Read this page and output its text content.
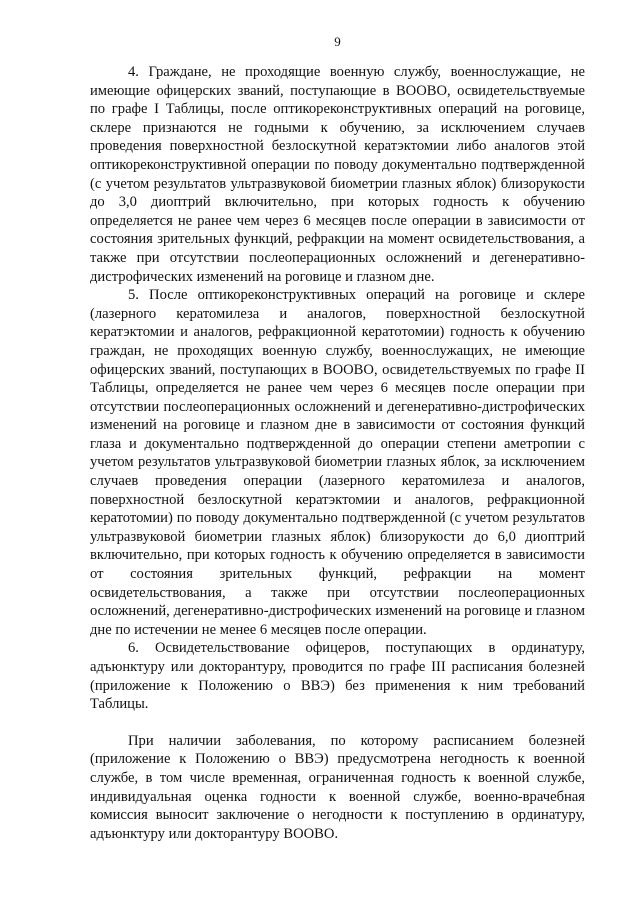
9

4. Граждане, не проходящие военную службу, военнослужащие, не имеющие офицерских званий, поступающие в ВООВО, освидетельствуемые по графе I Таблицы, после оптикореконструктивных операций на роговице, склере признаются не годными к обучению, за исключением случаев проведения поверхностной безлоскутной кератэктомии либо аналогов этой оптикореконструктивной операции по поводу документально подтвержденной (с учетом результатов ультразвуковой биометрии глазных яблок) близорукости до 3,0 диоптрий включительно, при которых годность к обучению определяется не ранее чем через 6 месяцев после операции в зависимости от состояния зрительных функций, рефракции на момент освидетельствования, а также при отсутствии послеоперационных осложнений и дегенеративно-дистрофических изменений на роговице и глазном дне.

5. После оптикореконструктивных операций на роговице и склере (лазерного кератомилеза и аналогов, поверхностной безлоскутной кератэктомии и аналогов, рефракционной кератотомии) годность к обучению граждан, не проходящих военную службу, военнослужащих, не имеющие офицерских званий, поступающих в ВООВО, освидетельствуемых по графе II Таблицы, определяется не ранее чем через 6 месяцев после операции при отсутствии послеоперационных осложнений и дегенеративно-дистрофических изменений на роговице и глазном дне в зависимости от состояния функций глаза и документально подтвержденной до операции степени аметропии с учетом результатов ультразвуковой биометрии глазных яблок, за исключением случаев проведения операции (лазерного кератомилеза и аналогов, поверхностной безлоскутной кератэктомии и аналогов, рефракционной кератотомии) по поводу документально подтвержденной (с учетом результатов ультразвуковой биометрии глазных яблок) близорукости до 6,0 диоптрий включительно, при которых годность к обучению определяется в зависимости от состояния зрительных функций, рефракции на момент освидетельствования, а также при отсутствии послеоперационных осложнений, дегенеративно-дистрофических изменений на роговице и глазном дне по истечении не менее 6 месяцев после операции.

6. Освидетельствование офицеров, поступающих в ординатуру, адъюнктуру или докторантуру, проводится по графе III расписания болезней (приложение к Положению о ВВЭ) без применения к ним требований Таблицы.

При наличии заболевания, по которому расписанием болезней (приложение к Положению о ВВЭ) предусмотрена негодность к военной службе, в том числе временная, ограниченная годность к военной службе, индивидуальная оценка годности к военной службе, военно-врачебная комиссия выносит заключение о негодности к поступлению в ординатуру, адъюнктуру или докторантуру ВООВО.
